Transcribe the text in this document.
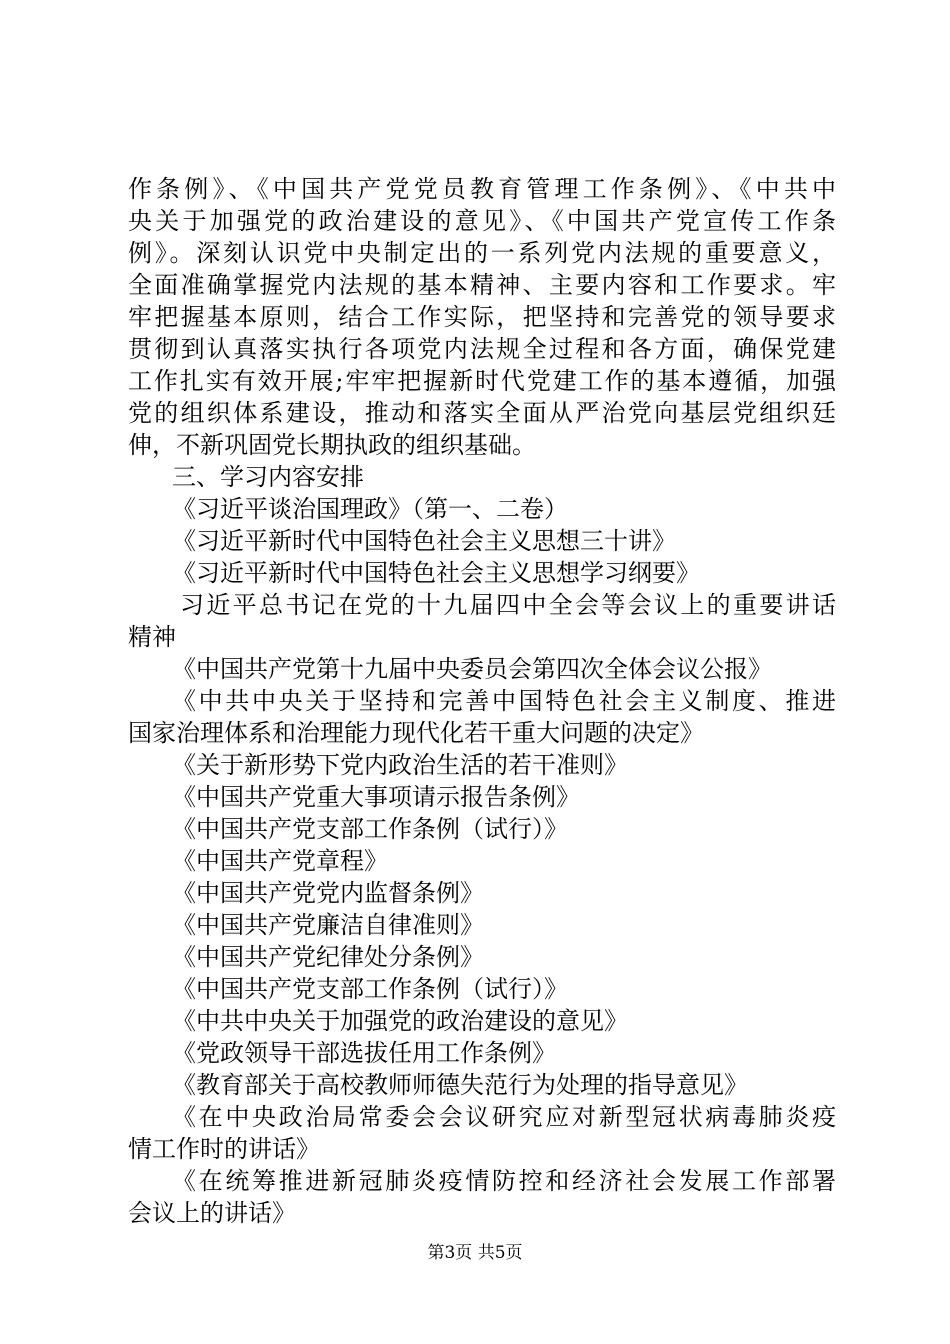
作条例》、《中国共产党党员教育管理工作条例》、《中共中
央关于加强党的政治建设的意见》、《中国共产党宣传工作条
例》。深刻认识党中央制定出的一系列党内法规的重要意义，
全面准确掌握党内法规的基本精神、主要内容和工作要求。牢
牢把握基本原则，结合工作实际，把坚持和完善党的领导要求
贯彻到认真落实执行各项党内法规全过程和各方面，确保党建
工作扎实有效开展;牢牢把握新时代党建工作的基本遵循，加强
党的组织体系建设，推动和落实全面从严治党向基层党组织廷
伸，不新巩固党长期执政的组织基础。
三、学习内容安排
《习近平谈治国理政》（第一、二卷）
《习近平新时代中国特色社会主义思想三十讲》
《习近平新时代中国特色社会主义思想学习纲要》
习近平总书记在党的十九届四中全会等会议上的重要讲话
精神
《中国共产党第十九届中央委员会第四次全体会议公报》
《中共中央关于坚持和完善中国特色社会主义制度、推进
国家治理体系和治理能力现代化若干重大问题的决定》
《关于新形势下党内政治生活的若干准则》
《中国共产党重大事项请示报告条例》
《中国共产党支部工作条例（试行）》
《中国共产党章程》
《中国共产党党内监督条例》
《中国共产党廉洁自律准则》
《中国共产党纪律处分条例》
《中国共产党支部工作条例（试行）》
《中共中央关于加强党的政治建设的意见》
《党政领导干部选拔任用工作条例》
《教育部关于高校教师师德失范行为处理的指导意见》
《在中央政治局常委会会议研究应对新型冠状病毒肺炎疫
情工作时的讲话》
《在统筹推进新冠肺炎疫情防控和经济社会发展工作部署
会议上的讲话》
第3页 共5页
